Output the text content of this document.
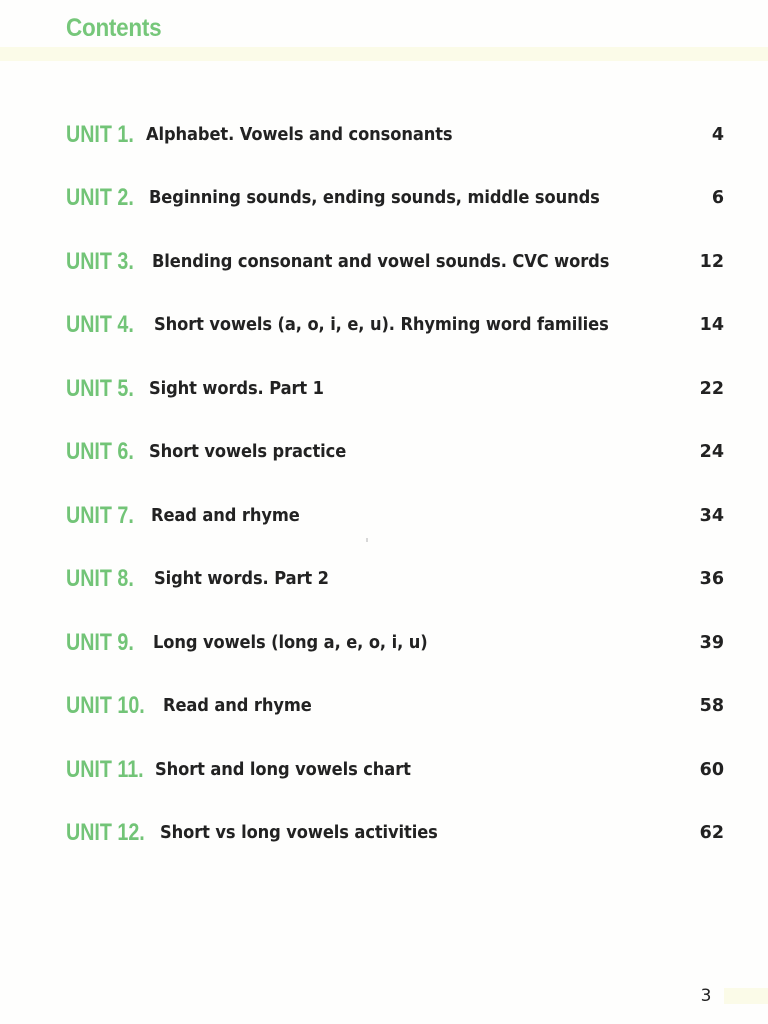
Contents
UNIT 1. Alphabet. Vowels and consonants	4
UNIT 2. Beginning sounds, ending sounds, middle sounds	6
UNIT 3. Blending consonant and vowel sounds. CVC words	12
UNIT 4. Short vowels (a, o, i, e, u). Rhyming word families	14
UNIT 5. Sight words. Part 1	22
UNIT 6. Short vowels practice	24
UNIT 7. Read and rhyme	34
UNIT 8. Sight words. Part 2	36
UNIT 9. Long vowels (long a, e, o, i, u)	39
UNIT 10. Read and rhyme	58
UNIT 11. Short and long vowels chart	60
UNIT 12. Short vs long vowels activities	62
3
